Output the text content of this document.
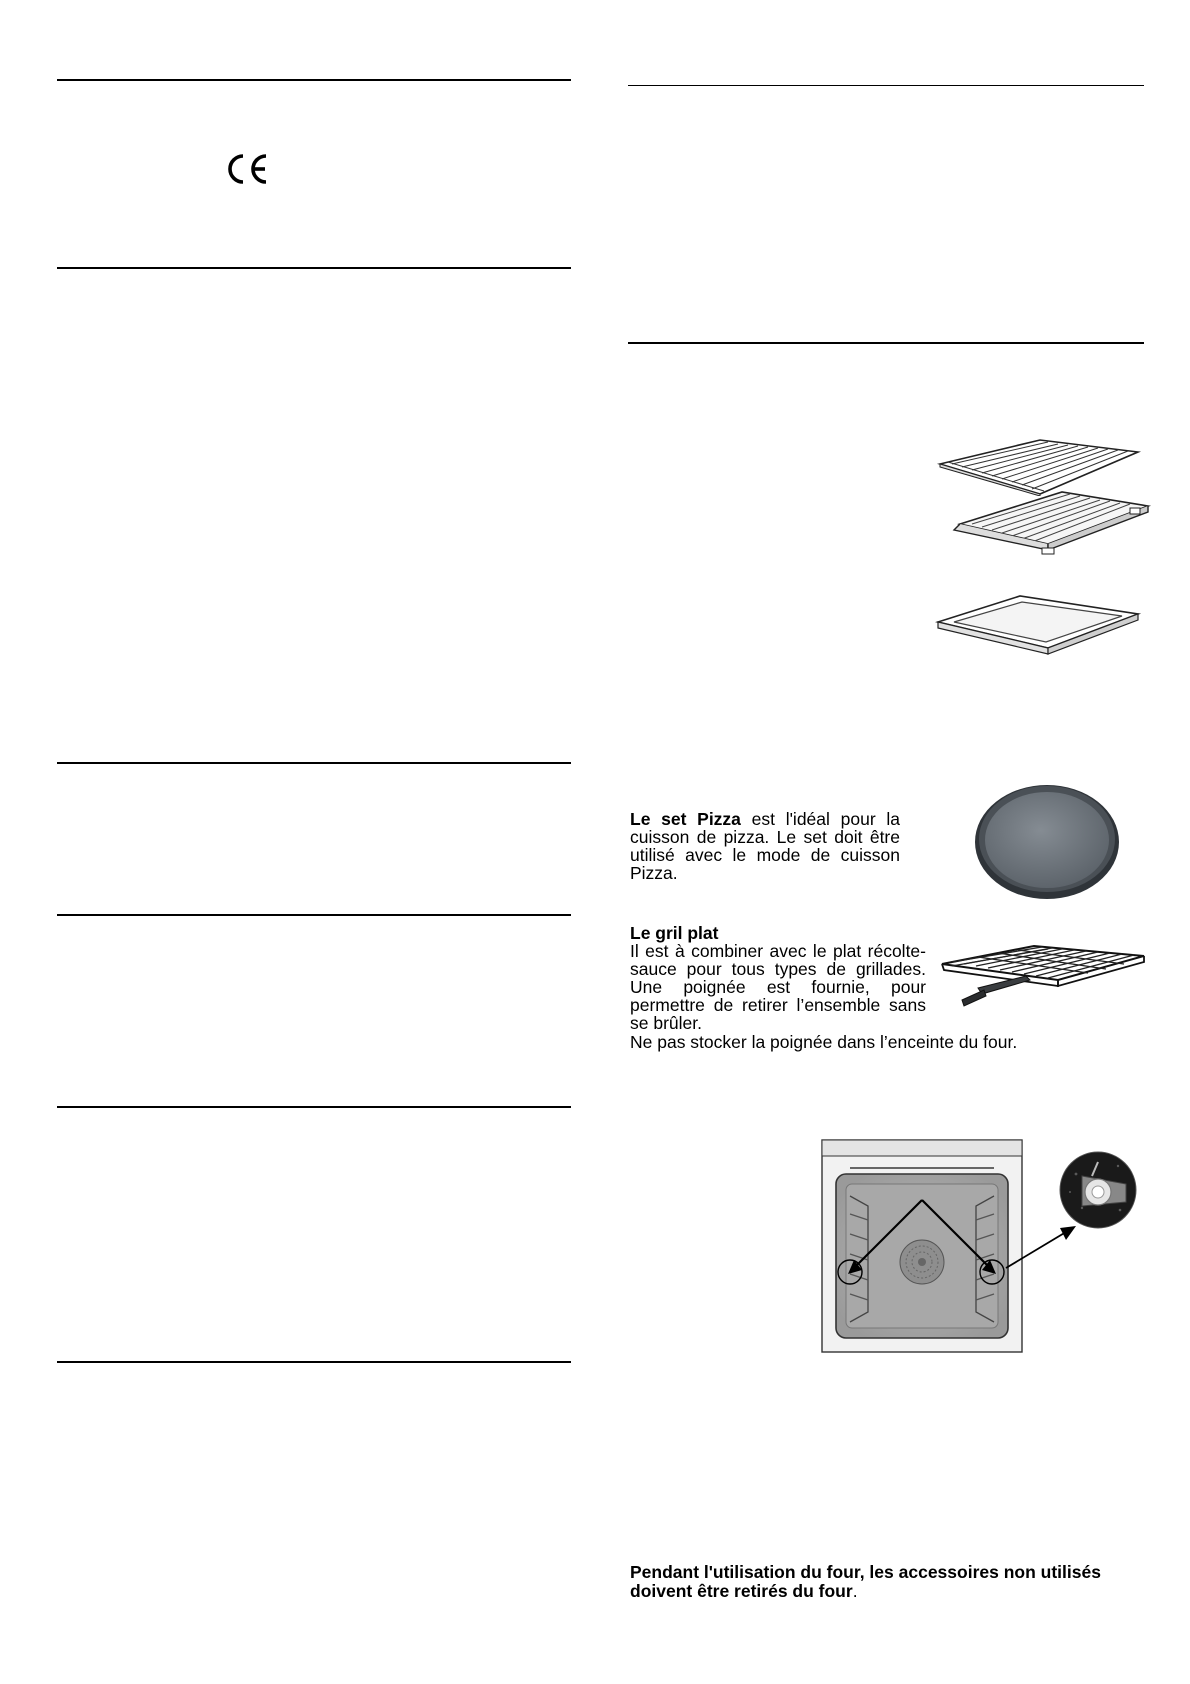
Le set Pizza est l'idéal pour la cuisson de pizza. Le set doit être utilisé avec le mode de cuisson Pizza.

Le gril plat

Il est à combiner avec le plat récolte-sauce pour tous types de grillades. Une poignée est fournie, pour permettre de retirer l’ensemble sans se brûler.

Ne pas stocker la poignée dans l’enceinte du four.
Pendant l'utilisation du four, les accessoires non utilisés doivent être retirés du four.
